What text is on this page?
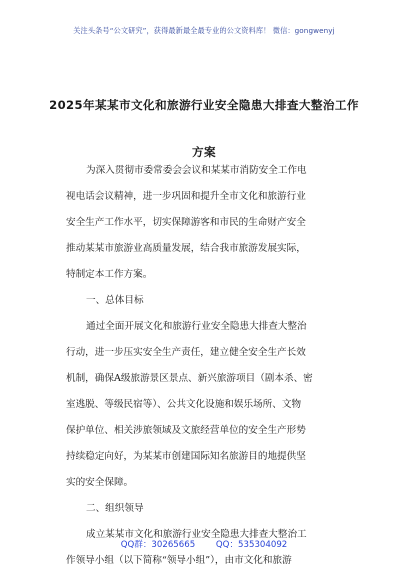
关注头条号“公文研究”，获得最新最全最专业的公文资料库！ 微信：gongwenyj
2025年某某市文化和旅游行业安全隐患大排查大整治工作
方案
为深入贯彻市委常委会会议和某某市消防安全工作电
视电话会议精神，进一步巩固和提升全市文化和旅游行业
安全生产工作水平，切实保障游客和市民的生命财产安全
推动某某市旅游业高质量发展，结合我市旅游发展实际，
特制定本工作方案。
一、总体目标
通过全面开展文化和旅游行业安全隐患大排查大整治
行动，进一步压实安全生产责任，建立健全安全生产长效
机制，确保A级旅游景区景点、新兴旅游项目（剧本杀、密
室逃脱、等级民宿等）、公共文化设施和娱乐场所、文物
保护单位、相关涉旅领域及文旅经营单位的安全生产形势
持续稳定向好，为某某市创建国际知名旅游目的地提供坚
实的安全保障。
二、组织领导
成立某某市文化和旅游行业安全隐患大排查大整治工
作领导小组（以下简称“领导小组”），由市文化和旅游
QQ群：30265665 QQ：535304092
